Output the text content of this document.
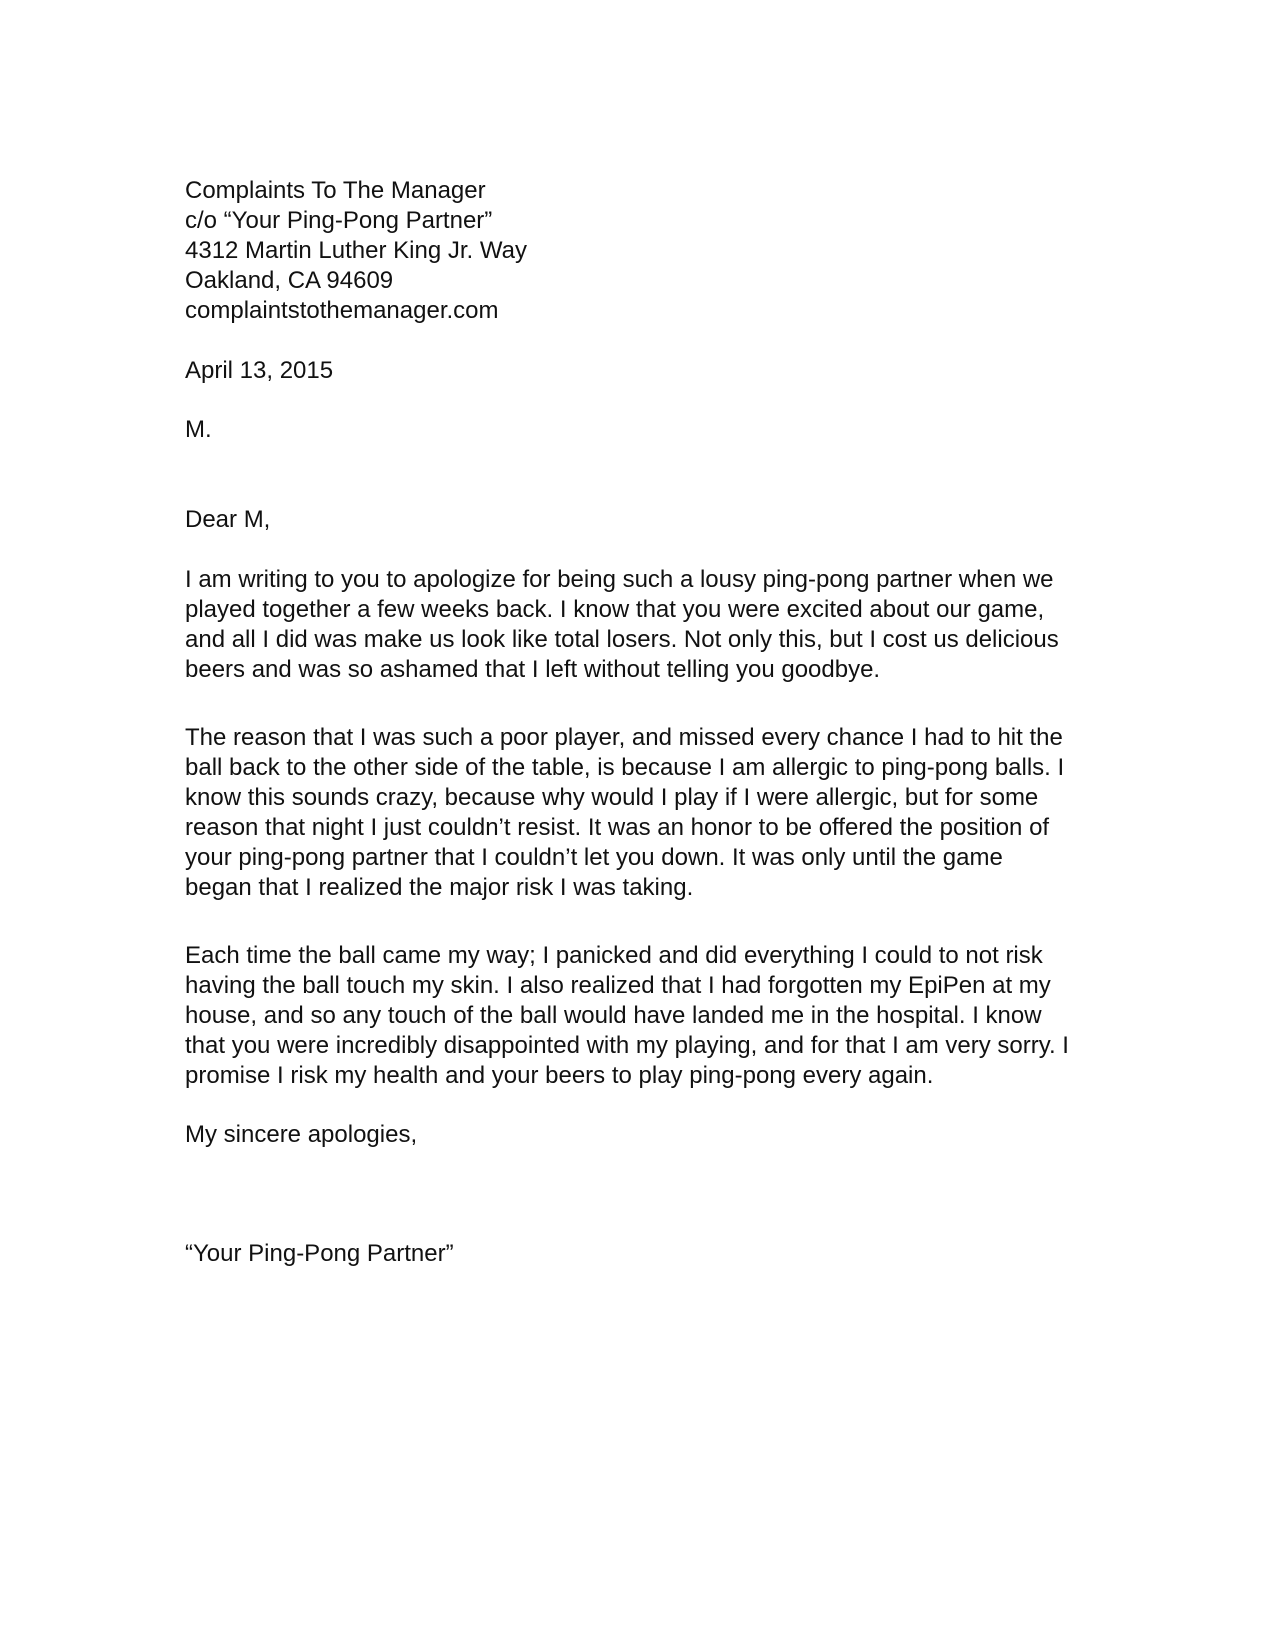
Complaints To The Manager
c/o “Your Ping-Pong Partner”
4312 Martin Luther King Jr. Way
Oakland, CA 94609
complaintstothemanager.com
April 13, 2015
M.
Dear M,
I am writing to you to apologize for being such a lousy ping-pong partner when we
played together a few weeks back. I know that you were excited about our game,
and all I did was make us look like total losers. Not only this, but I cost us delicious
beers and was so ashamed that I left without telling you goodbye.
The reason that I was such a poor player, and missed every chance I had to hit the
ball back to the other side of the table, is because I am allergic to ping-pong balls. I
know this sounds crazy, because why would I play if I were allergic, but for some
reason that night I just couldn’t resist. It was an honor to be offered the position of
your ping-pong partner that I couldn’t let you down. It was only until the game
began that I realized the major risk I was taking.
Each time the ball came my way; I panicked and did everything I could to not risk
having the ball touch my skin. I also realized that I had forgotten my EpiPen at my
house, and so any touch of the ball would have landed me in the hospital. I know
that you were incredibly disappointed with my playing, and for that I am very sorry. I
promise I risk my health and your beers to play ping-pong every again.
My sincere apologies,
“Your Ping-Pong Partner”
